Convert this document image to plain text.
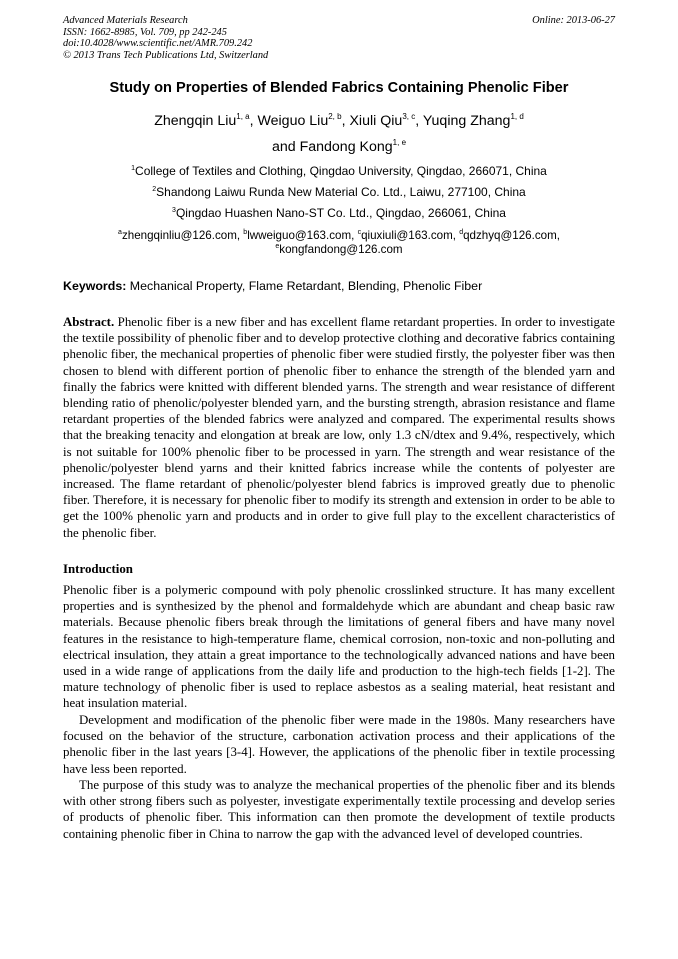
Advanced Materials Research
ISSN: 1662-8985, Vol. 709, pp 242-245
doi:10.4028/www.scientific.net/AMR.709.242
© 2013 Trans Tech Publications Ltd, Switzerland
Online: 2013-06-27
Study on Properties of Blended Fabrics Containing Phenolic Fiber
Zhengqin Liu$^{1, a}$, Weiguo Liu$^{2, b}$, Xiuli Qiu$^{3, c}$, Yuqing Zhang$^{1, d}$
and Fandong Kong$^{1, e}$
$^1$College of Textiles and Clothing, Qingdao University, Qingdao, 266071, China
$^2$Shandong Laiwu Runda New Material Co. Ltd., Laiwu, 277100, China
$^3$Qingdao Huashen Nano-ST Co. Ltd., Qingdao, 266061, China
$^a$zhengqinliu@126.com, $^b$lwweiguo@163.com, $^c$qiuxiuli@163.com, $^d$qdzhyq@126.com,
$^e$kongfandong@126.com
Keywords: Mechanical Property, Flame Retardant, Blending, Phenolic Fiber

Abstract. Phenolic fiber is a new fiber and has excellent flame retardant properties. In order to investigate the textile possibility of phenolic fiber and to develop protective clothing and decorative fabrics containing phenolic fiber, the mechanical properties of phenolic fiber were studied firstly, the polyester fiber was then chosen to blend with different portion of phenolic fiber to enhance the strength of the blended yarn and finally the fabrics were knitted with different blended yarns. The strength and wear resistance of different blending ratio of phenolic/polyester blended yarn, and the bursting strength, abrasion resistance and flame retardant properties of the blended fabrics were analyzed and compared. The experimental results shows that the breaking tenacity and elongation at break are low, only 1.3 cN/dtex and 9.4%, respectively, which is not suitable for 100% phenolic fiber to be processed in yarn. The strength and wear resistance of the phenolic/polyester blend yarns and their knitted fabrics increase while the contents of polyester are increased. The flame retardant of phenolic/polyester blend fabrics is improved greatly due to phenolic fiber. Therefore, it is necessary for phenolic fiber to modify its strength and extension in order to be able to get the 100% phenolic yarn and products and in order to give full play to the excellent characteristics of the phenolic fiber.

Introduction

Phenolic fiber is a polymeric compound with poly phenolic crosslinked structure. It has many excellent properties and is synthesized by the phenol and formaldehyde which are abundant and cheap basic raw materials. Because phenolic fibers break through the limitations of general fibers and have many novel features in the resistance to high-temperature flame, chemical corrosion, non-toxic and non-polluting and electrical insulation, they attain a great importance to the technologically advanced nations and have been used in a wide range of applications from the daily life and production to the high-tech fields [1-2]. The mature technology of phenolic fiber is used to replace asbestos as a sealing material, heat resistant and heat insulation material.

Development and modification of the phenolic fiber were made in the 1980s. Many researchers have focused on the behavior of the structure, carbonation activation process and their applications of the phenolic fiber in the last years [3-4]. However, the applications of the phenolic fiber in textile processing have less been reported.

The purpose of this study was to analyze the mechanical properties of the phenolic fiber and its blends with other strong fibers such as polyester, investigate experimentally textile processing and develop series of products of phenolic fiber. This information can then promote the development of textile products containing phenolic fiber in China to narrow the gap with the advanced level of developed countries.
